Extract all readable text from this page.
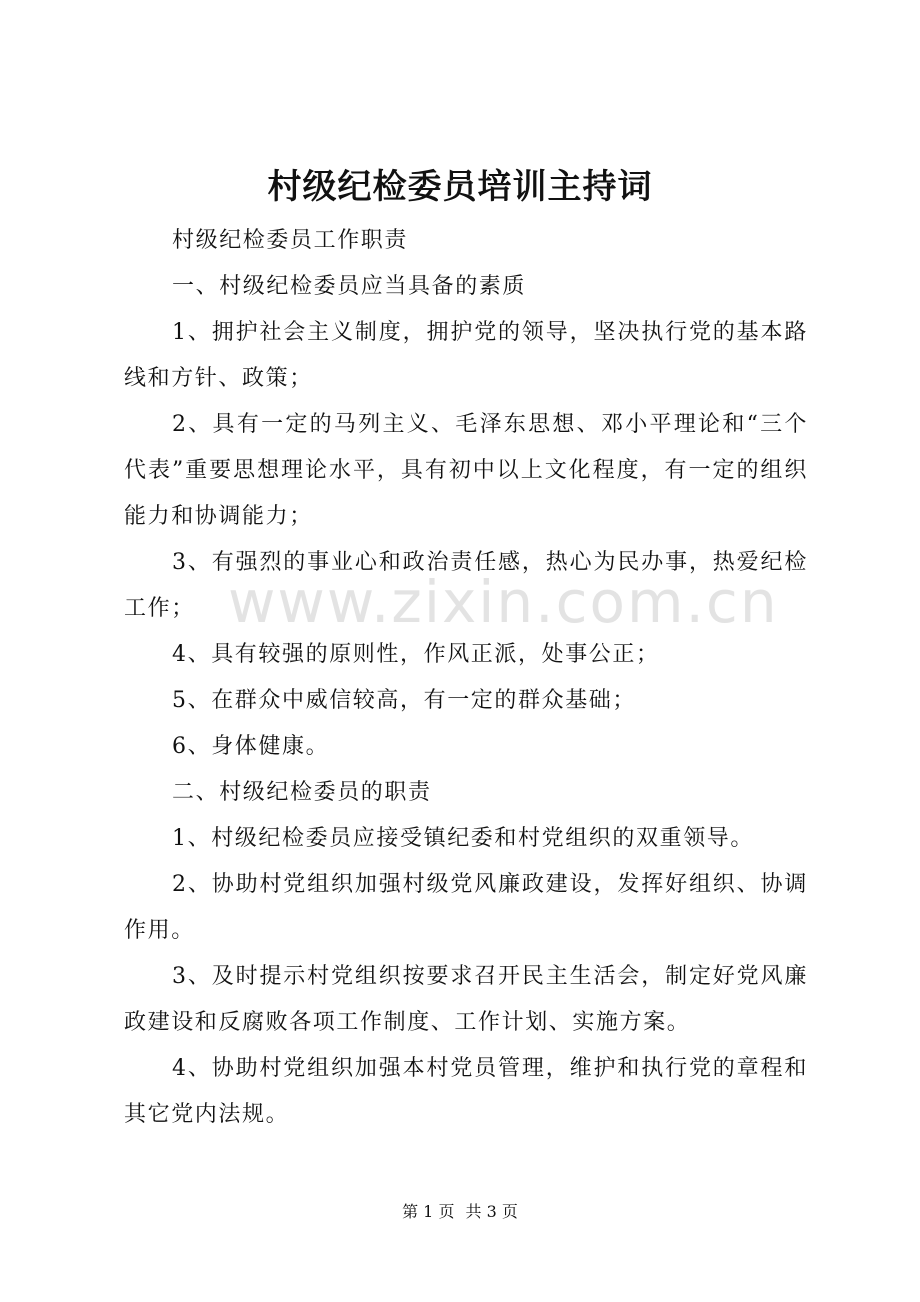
www.zixin.com.cn
村级纪检委员培训主持词

村级纪检委员工作职责

一、村级纪检委员应当具备的素质

1、拥护社会主义制度，拥护党的领导，坚决执行党的基本路线和方针、政策；

2、具有一定的马列主义、毛泽东思想、邓小平理论和“三个代表”重要思想理论水平，具有初中以上文化程度，有一定的组织能力和协调能力；

3、有强烈的事业心和政治责任感，热心为民办事，热爱纪检工作；

4、具有较强的原则性，作风正派，处事公正；

5、在群众中威信较高，有一定的群众基础；

6、身体健康。

二、村级纪检委员的职责

1、村级纪检委员应接受镇纪委和村党组织的双重领导。

2、协助村党组织加强村级党风廉政建设，发挥好组织、协调作用。

3、及时提示村党组织按要求召开民主生活会，制定好党风廉政建设和反腐败各项工作制度、工作计划、实施方案。

4、协助村党组织加强本村党员管理，维护和执行党的章程和其它党内法规。

第 1 页 共 3 页
